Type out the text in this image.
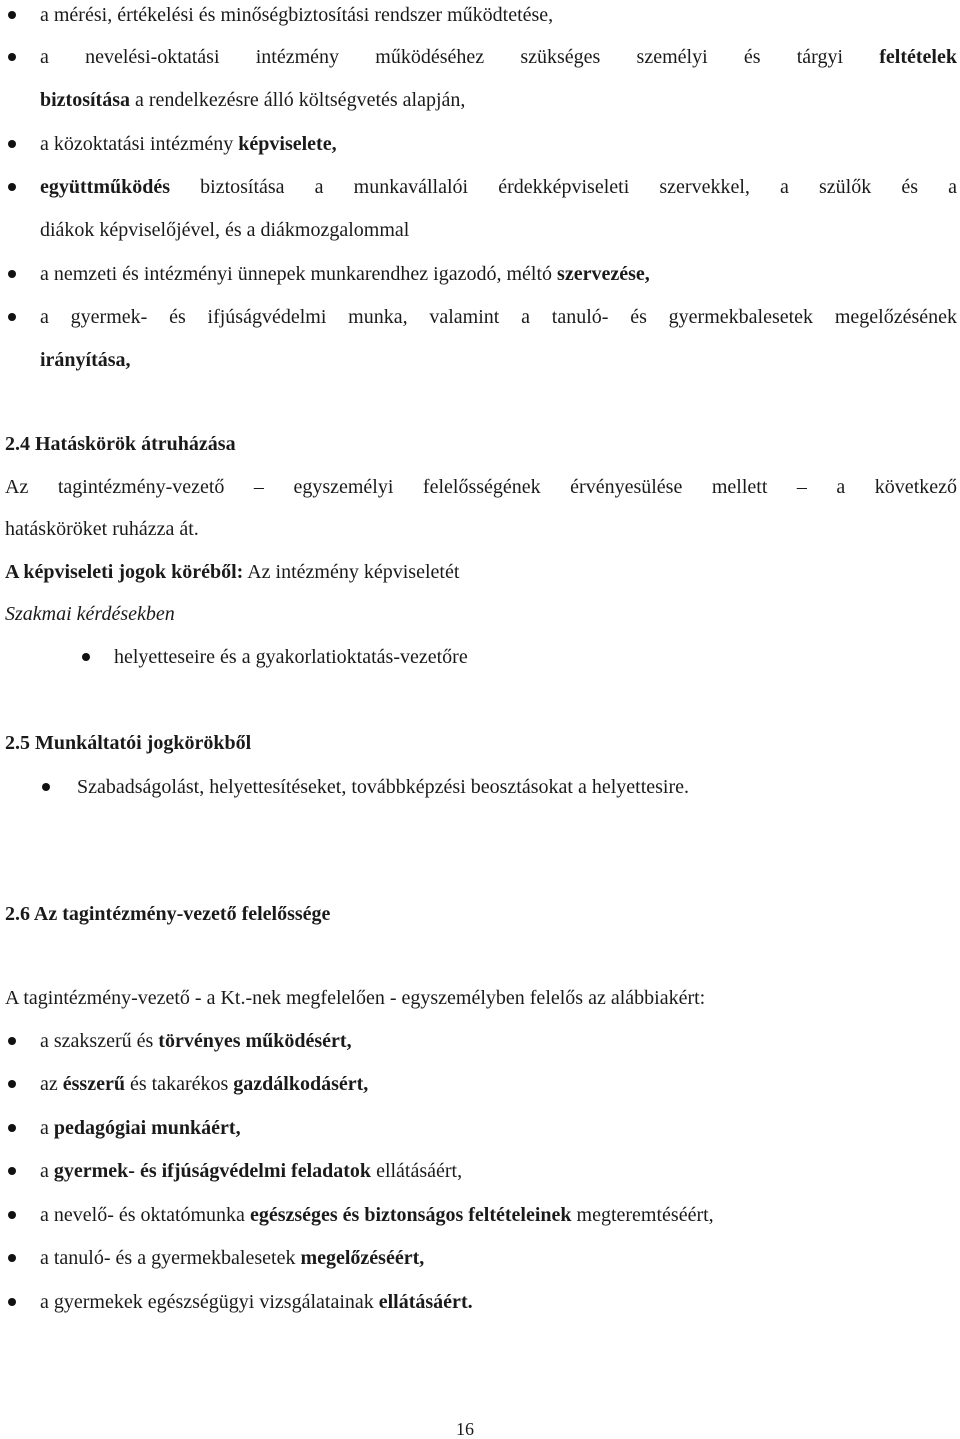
a mérési, értékelési és minőségbiztosítási rendszer működtetése,
a nevelési-oktatási intézmény működéséhez szükséges személyi és tárgyi feltételek
biztosítása a rendelkezésre álló költségvetés alapján,
a közoktatási intézmény képviselete,
együttműködés biztosítása a munkavállalói érdekképviseleti szervekkel, a szülők és a
diákok képviselőjével, és a diákmozgalommal
a nemzeti és intézményi ünnepek munkarendhez igazodó, méltó szervezése,
a gyermek- és ifjúságvédelmi munka, valamint a tanuló- és gyermekbalesetek megelőzésének
irányítása,
2.4 Hatáskörök átruházása
Az tagintézmény-vezető – egyszemélyi felelősségének érvényesülése mellett – a következő
hatásköröket ruházza át.
A képviseleti jogok köréből: Az intézmény képviseletét
Szakmai kérdésekben
helyetteseire és a gyakorlatioktatás-vezetőre
2.5 Munkáltatói jogkörökből
Szabadságolást, helyettesítéseket, továbbképzési beosztásokat a helyettesire.
2.6 Az tagintézmény-vezető felelőssége
A tagintézmény-vezető - a Kt.-nek megfelelően - egyszemélyben felelős az alábbiakért:
a szakszerű és törvényes működésért,
az ésszerű és takarékos gazdálkodásért,
a pedagógiai munkáért,
a gyermek- és ifjúságvédelmi feladatok ellátásáért,
a nevelő- és oktatómunka egészséges és biztonságos feltételeinek megteremtéséért,
a tanuló- és a gyermekbalesetek megelőzéséért,
a gyermekek egészségügyi vizsgálatainak ellátásáért.
16
